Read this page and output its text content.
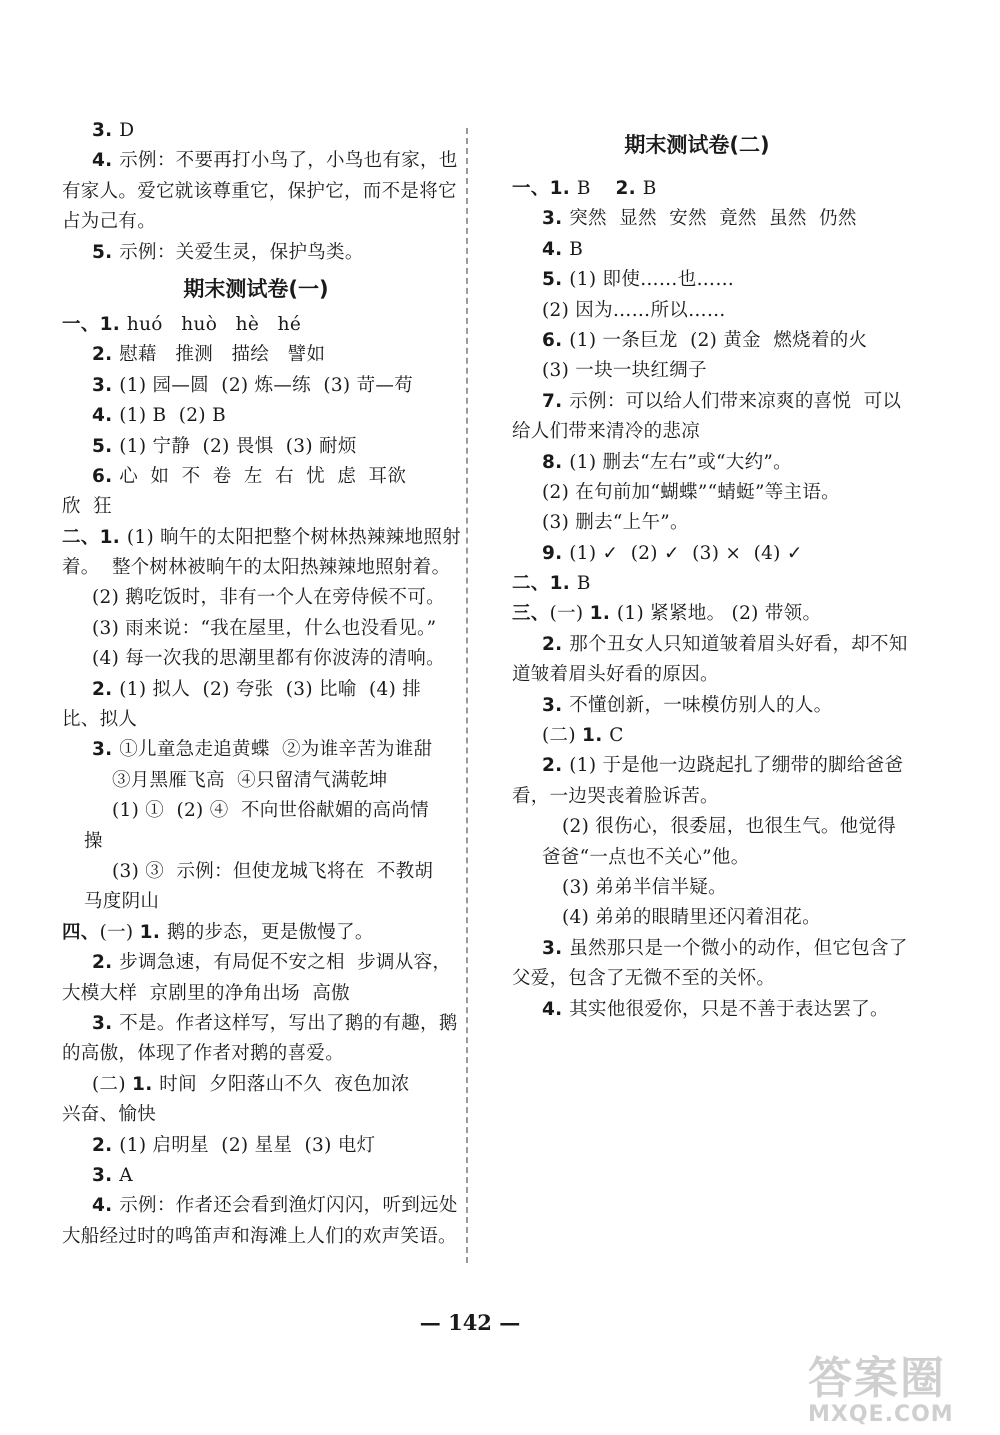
3. D
4. 示例：不要再打小鸟了，小鸟也有家，也
有家人。爱它就该尊重它，保护它，而不是将它
占为己有。
5. 示例：关爱生灵，保护鸟类。
期末测试卷(一)
一、1. huó   huò   hè   hé
2. 慰藉   推测   描绘   譬如
3. (1) 园—圆  (2) 炼—练  (3) 苛—苟
4. (1) B  (2) B
5. (1) 宁静  (2) 畏惧  (3) 耐烦
6. 心  如  不  卷  左  右  忧  虑  耳欲
欣  狂
二、1. (1) 晌午的太阳把整个树林热辣辣地照射
着。  整个树林被晌午的太阳热辣辣地照射着。
(2) 鹅吃饭时，非有一个人在旁侍候不可。
(3) 雨来说：“我在屋里，什么也没看见。”
(4) 每一次我的思潮里都有你波涛的清响。
2. (1) 拟人  (2) 夸张  (3) 比喻  (4) 排
比、拟人
3. ①儿童急走追黄蝶  ②为谁辛苦为谁甜
③月黑雁飞高  ④只留清气满乾坤
(1) ①  (2) ④  不向世俗献媚的高尚情
操
(3) ③  示例：但使龙城飞将在  不教胡
马度阴山
四、(一) 1. 鹅的步态，更是傲慢了。
2. 步调急速，有局促不安之相  步调从容，
大模大样  京剧里的净角出场  高傲
3. 不是。作者这样写，写出了鹅的有趣，鹅
的高傲，体现了作者对鹅的喜爱。
(二) 1. 时间  夕阳落山不久  夜色加浓
兴奋、愉快
2. (1) 启明星  (2) 星星  (3) 电灯
3. A
4. 示例：作者还会看到渔灯闪闪，听到远处
大船经过时的鸣笛声和海滩上人们的欢声笑语。
期末测试卷(二)
一、1. B    2. B
3. 突然  显然  安然  竟然  虽然  仍然
4. B
5. (1) 即使……也……
(2) 因为……所以……
6. (1) 一条巨龙  (2) 黄金  燃烧着的火
(3) 一块一块红绸子
7. 示例：可以给人们带来凉爽的喜悦  可以
给人们带来清冷的悲凉
8. (1) 删去“左右”或“大约”。
(2) 在句前加“蝴蝶”“蜻蜓”等主语。
(3) 删去“上午”。
9. (1) ✓  (2) ✓  (3) ×  (4) ✓
二、1. B
三、(一) 1. (1) 紧紧地。 (2) 带领。
2. 那个丑女人只知道皱着眉头好看，却不知
道皱着眉头好看的原因。
3. 不懂创新，一味模仿别人的人。
(二) 1. C
2. (1) 于是他一边跷起扎了绷带的脚给爸爸
看，一边哭丧着脸诉苦。
(2) 很伤心，很委屈，也很生气。他觉得
爸爸“一点也不关心”他。
(3) 弟弟半信半疑。
(4) 弟弟的眼睛里还闪着泪花。
3. 虽然那只是一个微小的动作，但它包含了
父爱，包含了无微不至的关怀。
4. 其实他很爱你，只是不善于表达罢了。
— 142 —
答案圈
MXQE.COM
